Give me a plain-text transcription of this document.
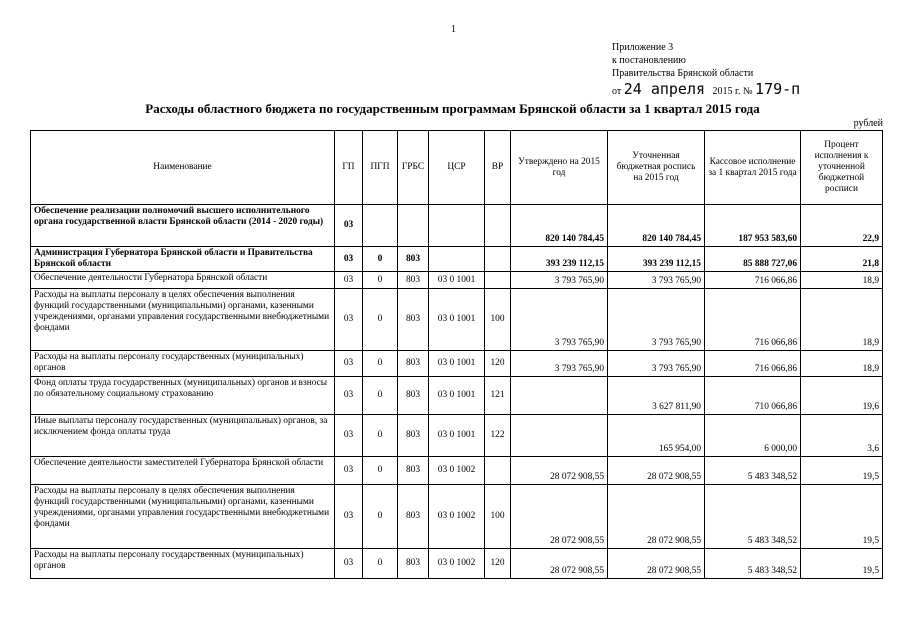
1
Приложение 3
к постановлению
Правительства Брянской области
от 24 апреля 2015 г. № 179-п
Расходы областного бюджета по государственным программам Брянской области за 1 квартал 2015 года
рублей
Наименование	ГП	ПГП	ГРБС	ЦСР	ВР	Утверждено на 2015 год	Уточненная бюджетная роспись на 2015 год	Кассовое исполнение за 1 квартал 2015 года	Процент исполнения к уточненной бюджетной росписи
Обеспечение реализации полномочий высшего исполнительного органа государственной власти Брянской области (2014 - 2020 годы)	03					820 140 784,45	820 140 784,45	187 953 583,60	22,9
Администрация Губернатора Брянской области и Правительства Брянской области	03	0	803			393 239 112,15	393 239 112,15	85 888 727,06	21,8
Обеспечение деятельности Губернатора Брянской области	03	0	803	03 0 1001		3 793 765,90	3 793 765,90	716 066,86	18,9
Расходы на выплаты персоналу в целях обеспечения выполнения функций государственными (муниципальными) органами, казенными учреждениями, органами управления государственными внебюджетными фондами	03	0	803	03 0 1001	100	3 793 765,90	3 793 765,90	716 066,86	18,9
Расходы на выплаты персоналу государственных (муниципальных) органов	03	0	803	03 0 1001	120	3 793 765,90	3 793 765,90	716 066,86	18,9
Фонд оплаты труда государственных (муниципальных) органов и взносы по обязательному социальному страхованию	03	0	803	03 0 1001	121		3 627 811,90	710 066,86	19,6
Иные выплаты персоналу государственных (муниципальных) органов, за исключением фонда оплаты труда	03	0	803	03 0 1001	122		165 954,00	6 000,00	3,6
Обеспечение деятельности заместителей Губернатора Брянской области	03	0	803	03 0 1002		28 072 908,55	28 072 908,55	5 483 348,52	19,5
Расходы на выплаты персоналу в целях обеспечения выполнения функций государственными (муниципальными) органами, казенными учреждениями, органами управления государственными внебюджетными фондами	03	0	803	03 0 1002	100	28 072 908,55	28 072 908,55	5 483 348,52	19,5
Расходы на выплаты персоналу государственных (муниципальных) органов	03	0	803	03 0 1002	120	28 072 908,55	28 072 908,55	5 483 348,52	19,5
